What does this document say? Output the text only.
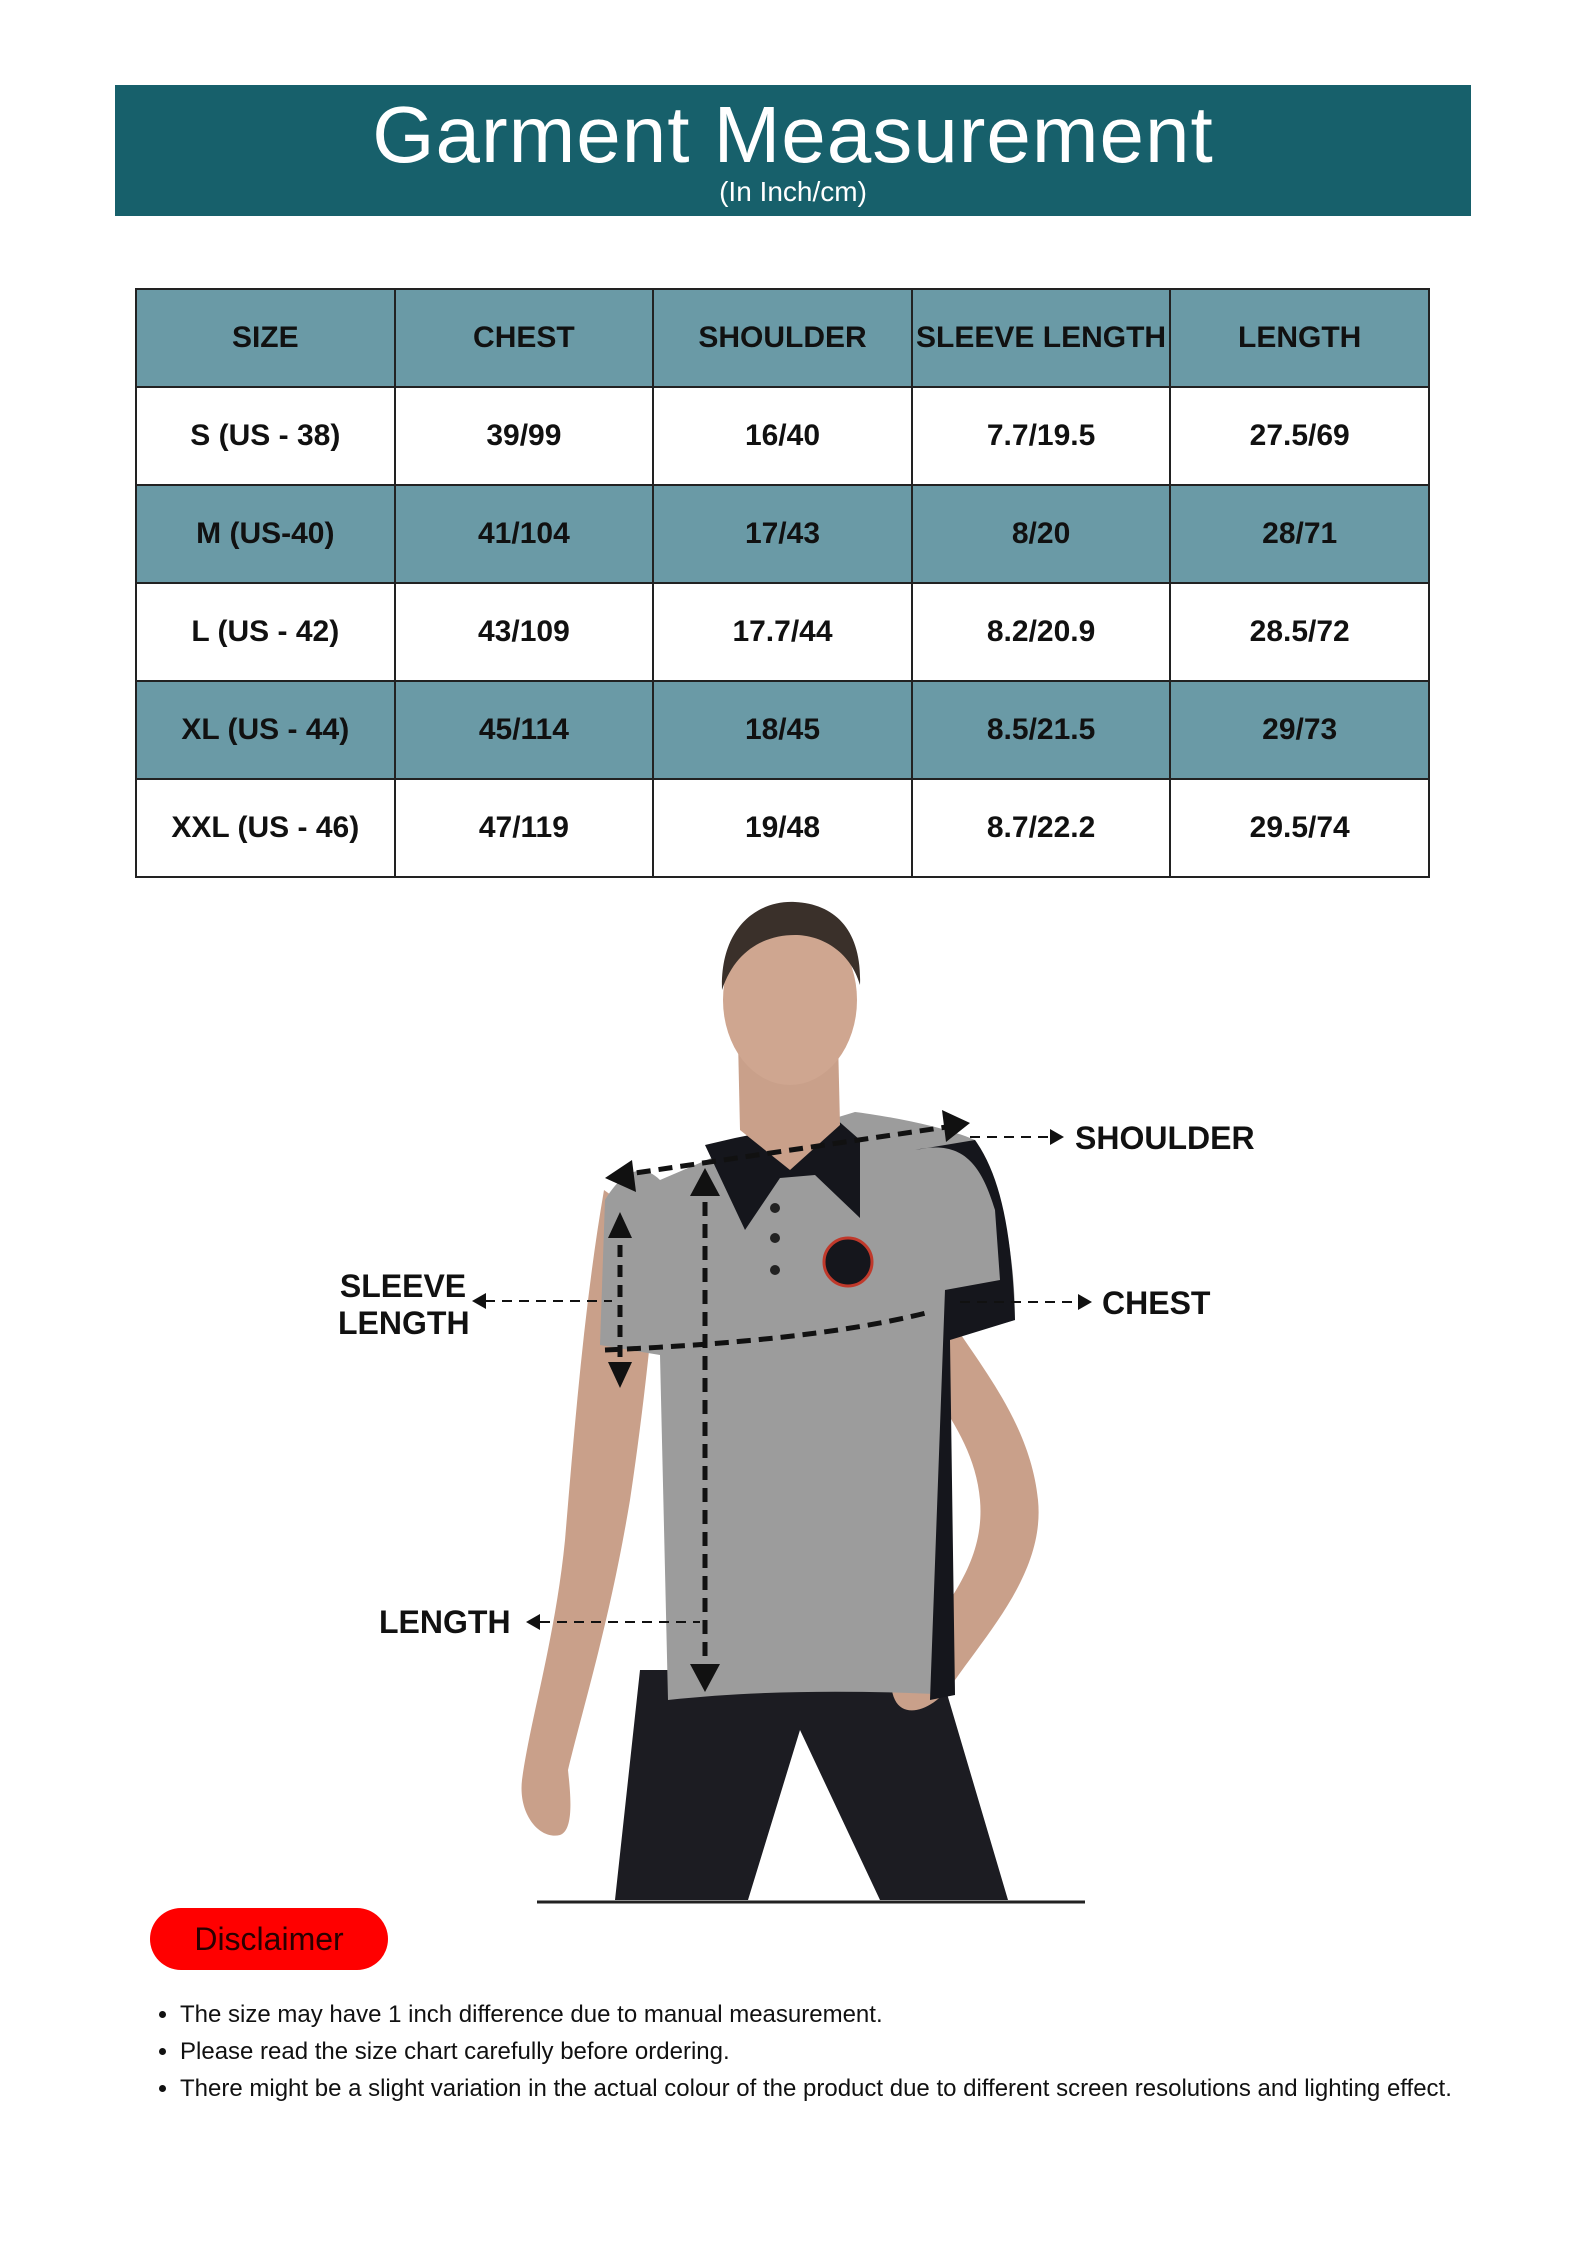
Garment Measurement
(In Inch/cm)
SIZE	CHEST	SHOULDER	SLEEVE LENGTH	LENGTH
S (US - 38)	39/99	16/40	7.7/19.5	27.5/69
M (US-40)	41/104	17/43	8/20	28/71
L (US - 42)	43/109	17.7/44	8.2/20.9	28.5/72
XL (US - 44)	45/114	18/45	8.5/21.5	29/73
XXL (US - 46)	47/119	19/48	8.7/22.2	29.5/74
SHOULDER
CHEST
SLEEVE
LENGTH
LENGTH
Disclaimer
• The size may have 1 inch difference due to manual measurement.
• Please read the size chart carefully before ordering.
• There might be a slight variation in the actual colour of the product due to different screen resolutions and lighting effect.
